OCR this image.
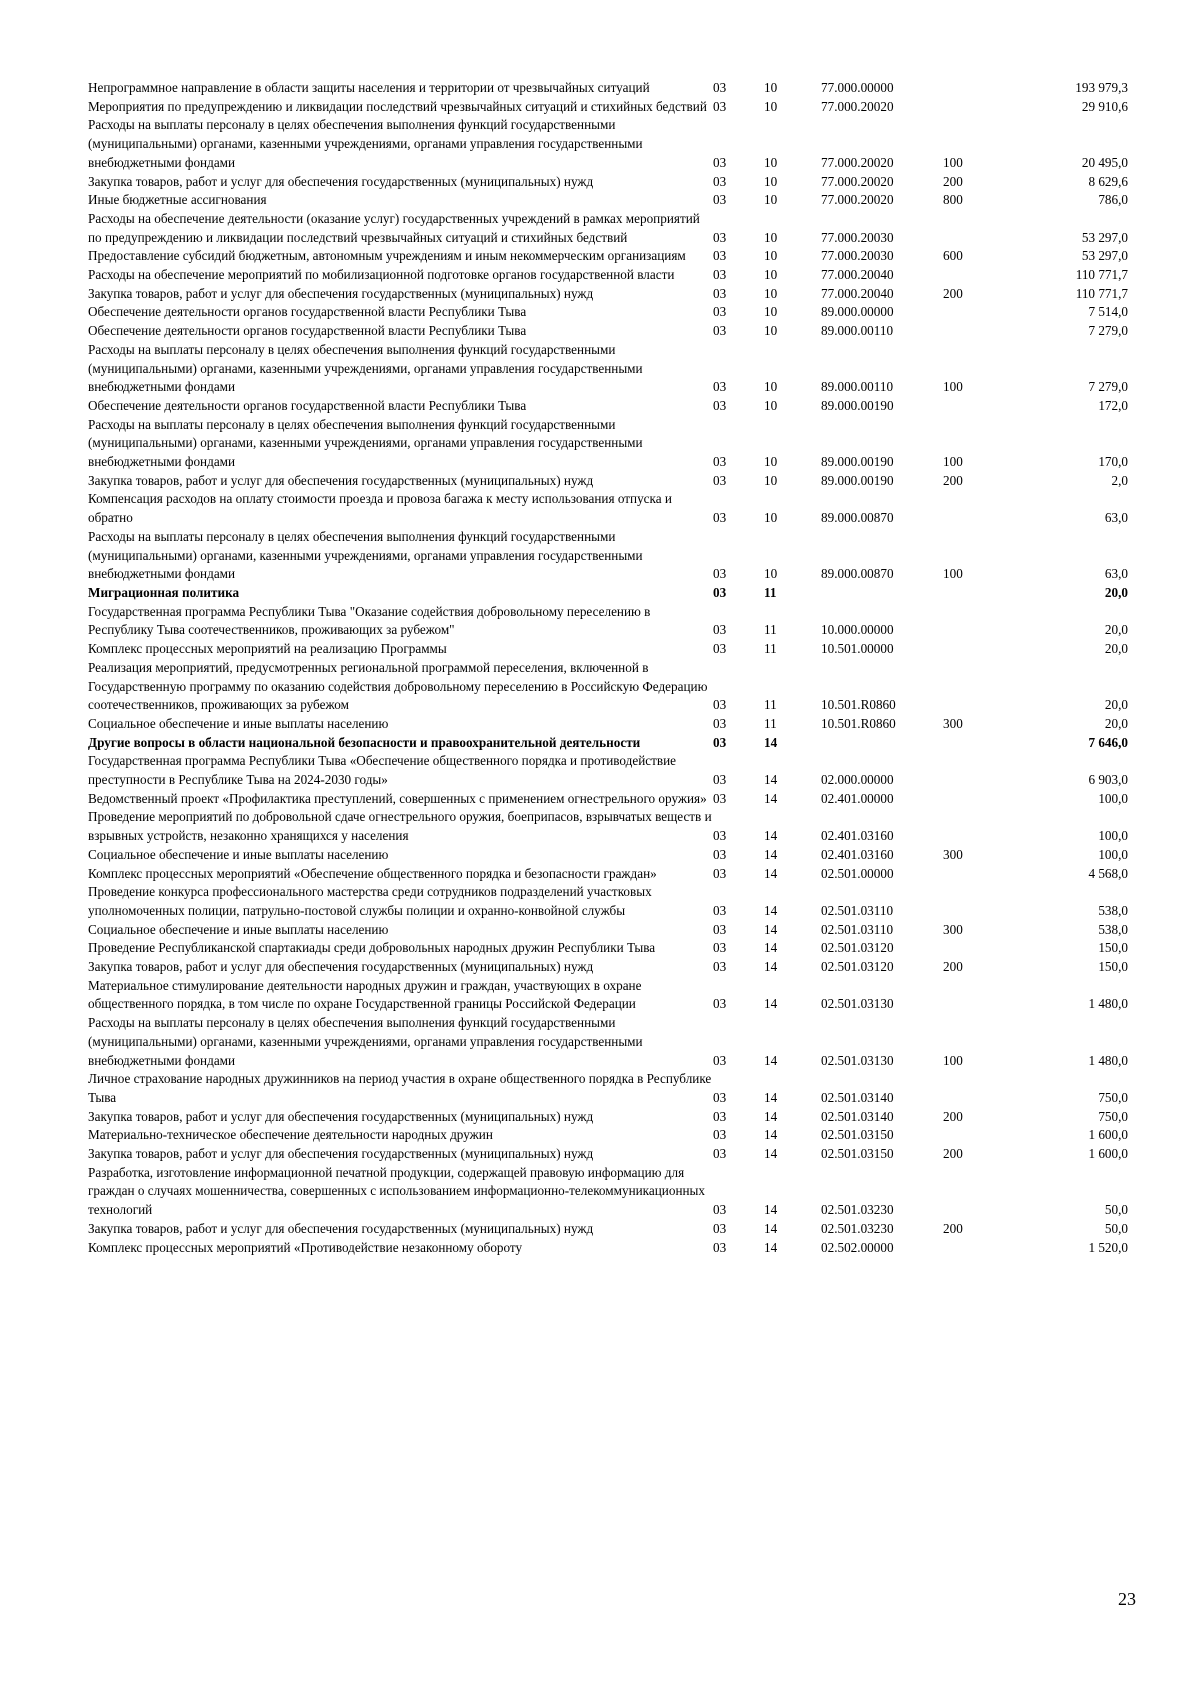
Непрограммное направление в области защиты населения и территории от чрезвычайных ситуаций	03	10	77.000.00000		193 979,3
Мероприятия по предупреждению и ликвидации последствий чрезвычайных ситуаций и стихийных бедствий	03	10	77.000.20020		29 910,6
Расходы на выплаты персоналу в целях обеспечения выполнения функций государственными (муниципальными) органами, казенными учреждениями, органами управления государственными внебюджетными фондами	03	10	77.000.20020	100	20 495,0
Закупка товаров, работ и услуг для обеспечения государственных (муниципальных) нужд	03	10	77.000.20020	200	8 629,6
Иные бюджетные ассигнования	03	10	77.000.20020	800	786,0
Расходы на обеспечение деятельности (оказание услуг) государственных учреждений в рамках мероприятий по предупреждению и ликвидации последствий чрезвычайных ситуаций и стихийных бедствий	03	10	77.000.20030		53 297,0
Предоставление субсидий бюджетным, автономным учреждениям и иным некоммерческим организациям	03	10	77.000.20030	600	53 297,0
Расходы на обеспечение мероприятий по мобилизационной подготовке органов государственной власти	03	10	77.000.20040		110 771,7
Закупка товаров, работ и услуг для обеспечения государственных (муниципальных) нужд	03	10	77.000.20040	200	110 771,7
Обеспечение деятельности органов государственной власти Республики Тыва	03	10	89.000.00000		7 514,0
Обеспечение деятельности органов государственной власти Республики Тыва	03	10	89.000.00110		7 279,0
Расходы на выплаты персоналу в целях обеспечения выполнения функций государственными (муниципальными) органами, казенными учреждениями, органами управления государственными внебюджетными фондами	03	10	89.000.00110	100	7 279,0
Обеспечение деятельности органов государственной власти Республики Тыва	03	10	89.000.00190		172,0
Расходы на выплаты персоналу в целях обеспечения выполнения функций государственными (муниципальными) органами, казенными учреждениями, органами управления государственными внебюджетными фондами	03	10	89.000.00190	100	170,0
Закупка товаров, работ и услуг для обеспечения государственных (муниципальных) нужд	03	10	89.000.00190	200	2,0
Компенсация расходов на оплату стоимости проезда и провоза багажа к месту использования отпуска и обратно	03	10	89.000.00870		63,0
Расходы на выплаты персоналу в целях обеспечения выполнения функций государственными (муниципальными) органами, казенными учреждениями, органами управления государственными внебюджетными фондами	03	10	89.000.00870	100	63,0
Миграционная политика	03	11			20,0
Государственная программа Республики Тыва "Оказание содействия добровольному переселению в Республику Тыва соотечественников, проживающих за рубежом"	03	11	10.000.00000		20,0
Комплекс процессных мероприятий на реализацию Программы	03	11	10.501.00000		20,0
Реализация мероприятий, предусмотренных региональной программой переселения, включенной в Государственную программу по оказанию содействия добровольному переселению в Российскую Федерацию соотечественников, проживающих за рубежом	03	11	10.501.R0860		20,0
Социальное обеспечение и иные выплаты населению	03	11	10.501.R0860	300	20,0
Другие вопросы в области национальной безопасности и правоохранительной деятельности	03	14			7 646,0
Государственная программа Республики Тыва «Обеспечение общественного порядка и противодействие преступности в Республике Тыва на 2024-2030 годы»	03	14	02.000.00000		6 903,0
Ведомственный проект «Профилактика преступлений, совершенных с применением огнестрельного оружия»	03	14	02.401.00000		100,0
Проведение мероприятий по добровольной сдаче огнестрельного оружия, боеприпасов, взрывчатых веществ и взрывных устройств, незаконно хранящихся у населения	03	14	02.401.03160		100,0
Социальное обеспечение и иные выплаты населению	03	14	02.401.03160	300	100,0
Комплекс процессных мероприятий «Обеспечение общественного порядка и безопасности граждан»	03	14	02.501.00000		4 568,0
Проведение конкурса профессионального мастерства среди сотрудников подразделений участковых уполномоченных полиции, патрульно-постовой службы полиции и охранно-конвойной службы	03	14	02.501.03110		538,0
Социальное обеспечение и иные выплаты населению	03	14	02.501.03110	300	538,0
Проведение Республиканской спартакиады среди добровольных народных дружин Республики Тыва	03	14	02.501.03120		150,0
Закупка товаров, работ и услуг для обеспечения государственных (муниципальных) нужд	03	14	02.501.03120	200	150,0
Материальное стимулирование деятельности народных дружин и граждан, участвующих в охране общественного порядка, в том числе по охране Государственной границы Российской Федерации	03	14	02.501.03130		1 480,0
Расходы на выплаты персоналу в целях обеспечения выполнения функций государственными (муниципальными) органами, казенными учреждениями, органами управления государственными внебюджетными фондами	03	14	02.501.03130	100	1 480,0
Личное страхование народных дружинников на период участия в охране общественного порядка в Республике Тыва	03	14	02.501.03140		750,0
Закупка товаров, работ и услуг для обеспечения государственных (муниципальных) нужд	03	14	02.501.03140	200	750,0
Материально-техническое обеспечение деятельности народных дружин	03	14	02.501.03150		1 600,0
Закупка товаров, работ и услуг для обеспечения государственных (муниципальных) нужд	03	14	02.501.03150	200	1 600,0
Разработка, изготовление информационной печатной продукции, содержащей правовую информацию для граждан о случаях мошенничества, совершенных с использованием информационно-телекоммуникационных технологий	03	14	02.501.03230		50,0
Закупка товаров, работ и услуг для обеспечения государственных (муниципальных) нужд	03	14	02.501.03230	200	50,0
Комплекс процессных мероприятий «Противодействие незаконному обороту	03	14	02.502.00000		1 520,0
23
